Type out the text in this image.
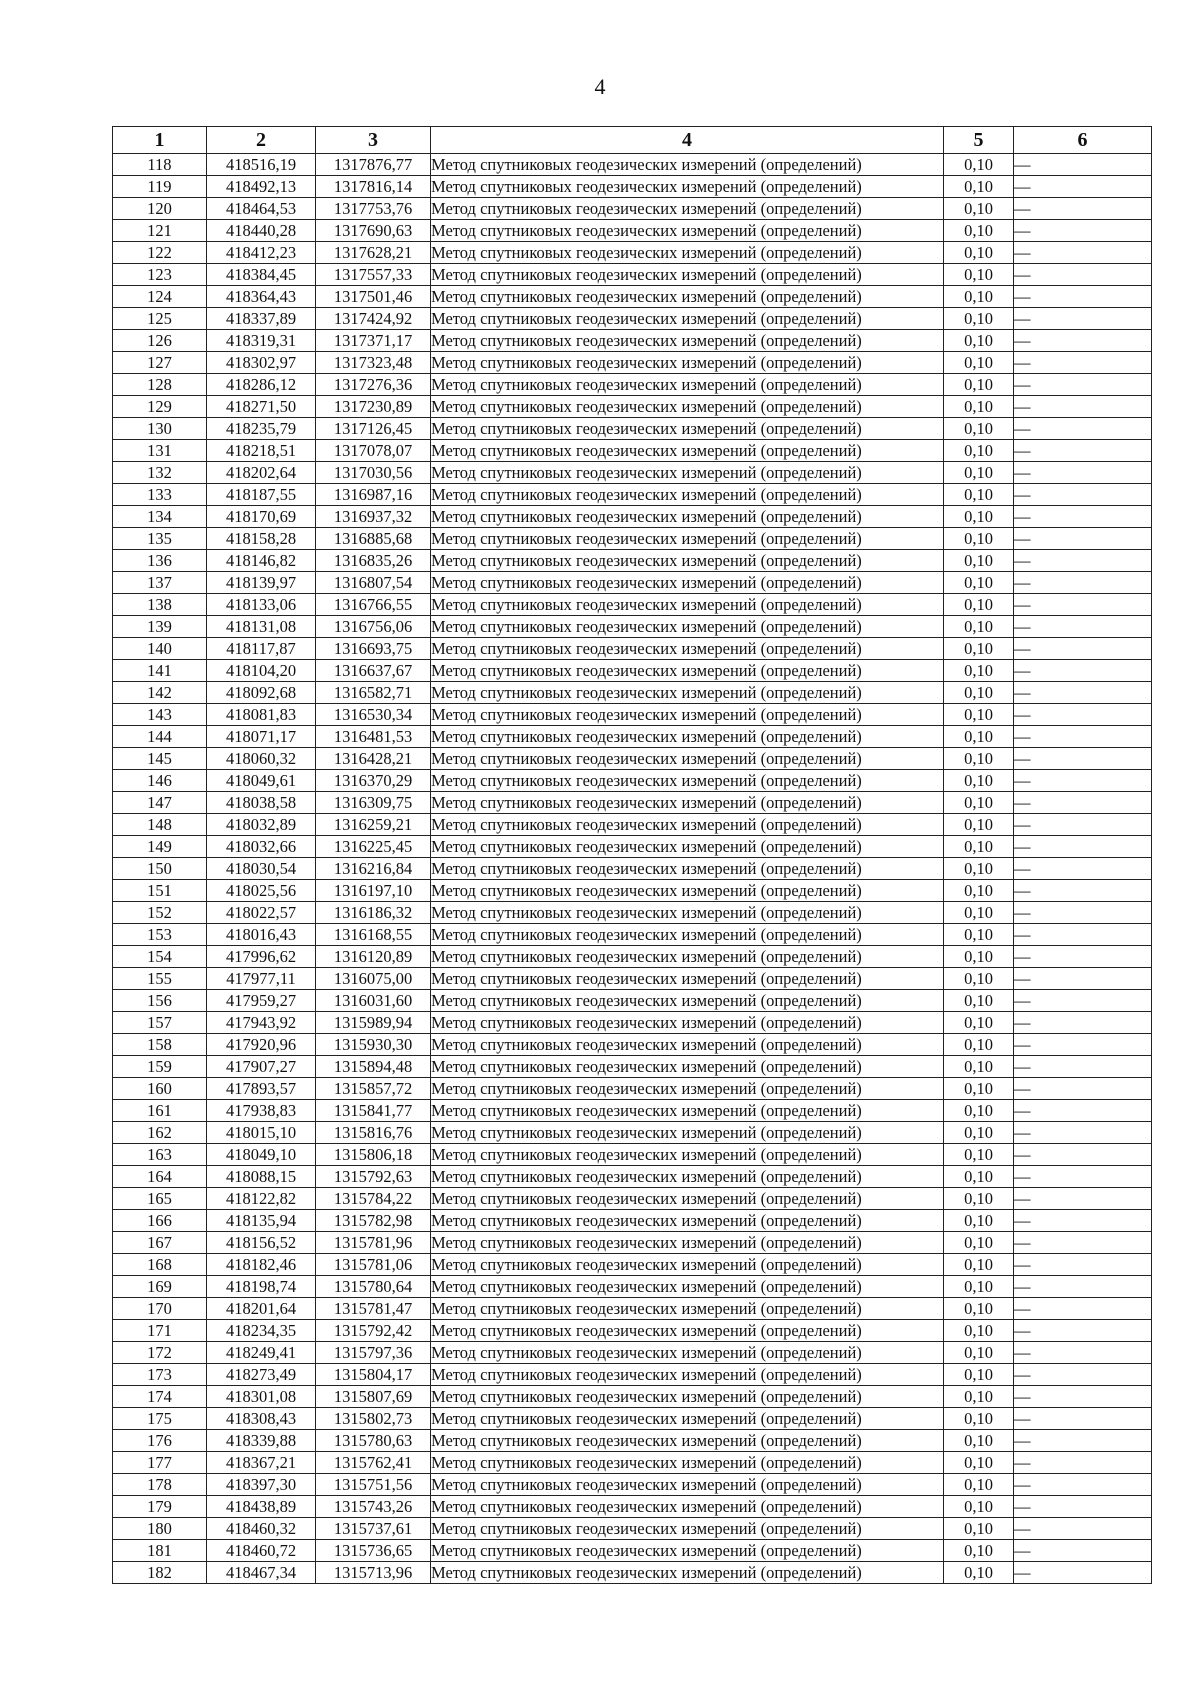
4
1	2	3	4	5	6
118	418516,19	1317876,77	Метод спутниковых геодезических измерений (определений)	0,10	—
119	418492,13	1317816,14	Метод спутниковых геодезических измерений (определений)	0,10	—
120	418464,53	1317753,76	Метод спутниковых геодезических измерений (определений)	0,10	—
121	418440,28	1317690,63	Метод спутниковых геодезических измерений (определений)	0,10	—
122	418412,23	1317628,21	Метод спутниковых геодезических измерений (определений)	0,10	—
123	418384,45	1317557,33	Метод спутниковых геодезических измерений (определений)	0,10	—
124	418364,43	1317501,46	Метод спутниковых геодезических измерений (определений)	0,10	—
125	418337,89	1317424,92	Метод спутниковых геодезических измерений (определений)	0,10	—
126	418319,31	1317371,17	Метод спутниковых геодезических измерений (определений)	0,10	—
127	418302,97	1317323,48	Метод спутниковых геодезических измерений (определений)	0,10	—
128	418286,12	1317276,36	Метод спутниковых геодезических измерений (определений)	0,10	—
129	418271,50	1317230,89	Метод спутниковых геодезических измерений (определений)	0,10	—
130	418235,79	1317126,45	Метод спутниковых геодезических измерений (определений)	0,10	—
131	418218,51	1317078,07	Метод спутниковых геодезических измерений (определений)	0,10	—
132	418202,64	1317030,56	Метод спутниковых геодезических измерений (определений)	0,10	—
133	418187,55	1316987,16	Метод спутниковых геодезических измерений (определений)	0,10	—
134	418170,69	1316937,32	Метод спутниковых геодезических измерений (определений)	0,10	—
135	418158,28	1316885,68	Метод спутниковых геодезических измерений (определений)	0,10	—
136	418146,82	1316835,26	Метод спутниковых геодезических измерений (определений)	0,10	—
137	418139,97	1316807,54	Метод спутниковых геодезических измерений (определений)	0,10	—
138	418133,06	1316766,55	Метод спутниковых геодезических измерений (определений)	0,10	—
139	418131,08	1316756,06	Метод спутниковых геодезических измерений (определений)	0,10	—
140	418117,87	1316693,75	Метод спутниковых геодезических измерений (определений)	0,10	—
141	418104,20	1316637,67	Метод спутниковых геодезических измерений (определений)	0,10	—
142	418092,68	1316582,71	Метод спутниковых геодезических измерений (определений)	0,10	—
143	418081,83	1316530,34	Метод спутниковых геодезических измерений (определений)	0,10	—
144	418071,17	1316481,53	Метод спутниковых геодезических измерений (определений)	0,10	—
145	418060,32	1316428,21	Метод спутниковых геодезических измерений (определений)	0,10	—
146	418049,61	1316370,29	Метод спутниковых геодезических измерений (определений)	0,10	—
147	418038,58	1316309,75	Метод спутниковых геодезических измерений (определений)	0,10	—
148	418032,89	1316259,21	Метод спутниковых геодезических измерений (определений)	0,10	—
149	418032,66	1316225,45	Метод спутниковых геодезических измерений (определений)	0,10	—
150	418030,54	1316216,84	Метод спутниковых геодезических измерений (определений)	0,10	—
151	418025,56	1316197,10	Метод спутниковых геодезических измерений (определений)	0,10	—
152	418022,57	1316186,32	Метод спутниковых геодезических измерений (определений)	0,10	—
153	418016,43	1316168,55	Метод спутниковых геодезических измерений (определений)	0,10	—
154	417996,62	1316120,89	Метод спутниковых геодезических измерений (определений)	0,10	—
155	417977,11	1316075,00	Метод спутниковых геодезических измерений (определений)	0,10	—
156	417959,27	1316031,60	Метод спутниковых геодезических измерений (определений)	0,10	—
157	417943,92	1315989,94	Метод спутниковых геодезических измерений (определений)	0,10	—
158	417920,96	1315930,30	Метод спутниковых геодезических измерений (определений)	0,10	—
159	417907,27	1315894,48	Метод спутниковых геодезических измерений (определений)	0,10	—
160	417893,57	1315857,72	Метод спутниковых геодезических измерений (определений)	0,10	—
161	417938,83	1315841,77	Метод спутниковых геодезических измерений (определений)	0,10	—
162	418015,10	1315816,76	Метод спутниковых геодезических измерений (определений)	0,10	—
163	418049,10	1315806,18	Метод спутниковых геодезических измерений (определений)	0,10	—
164	418088,15	1315792,63	Метод спутниковых геодезических измерений (определений)	0,10	—
165	418122,82	1315784,22	Метод спутниковых геодезических измерений (определений)	0,10	—
166	418135,94	1315782,98	Метод спутниковых геодезических измерений (определений)	0,10	—
167	418156,52	1315781,96	Метод спутниковых геодезических измерений (определений)	0,10	—
168	418182,46	1315781,06	Метод спутниковых геодезических измерений (определений)	0,10	—
169	418198,74	1315780,64	Метод спутниковых геодезических измерений (определений)	0,10	—
170	418201,64	1315781,47	Метод спутниковых геодезических измерений (определений)	0,10	—
171	418234,35	1315792,42	Метод спутниковых геодезических измерений (определений)	0,10	—
172	418249,41	1315797,36	Метод спутниковых геодезических измерений (определений)	0,10	—
173	418273,49	1315804,17	Метод спутниковых геодезических измерений (определений)	0,10	—
174	418301,08	1315807,69	Метод спутниковых геодезических измерений (определений)	0,10	—
175	418308,43	1315802,73	Метод спутниковых геодезических измерений (определений)	0,10	—
176	418339,88	1315780,63	Метод спутниковых геодезических измерений (определений)	0,10	—
177	418367,21	1315762,41	Метод спутниковых геодезических измерений (определений)	0,10	—
178	418397,30	1315751,56	Метод спутниковых геодезических измерений (определений)	0,10	—
179	418438,89	1315743,26	Метод спутниковых геодезических измерений (определений)	0,10	—
180	418460,32	1315737,61	Метод спутниковых геодезических измерений (определений)	0,10	—
181	418460,72	1315736,65	Метод спутниковых геодезических измерений (определений)	0,10	—
182	418467,34	1315713,96	Метод спутниковых геодезических измерений (определений)	0,10	—
